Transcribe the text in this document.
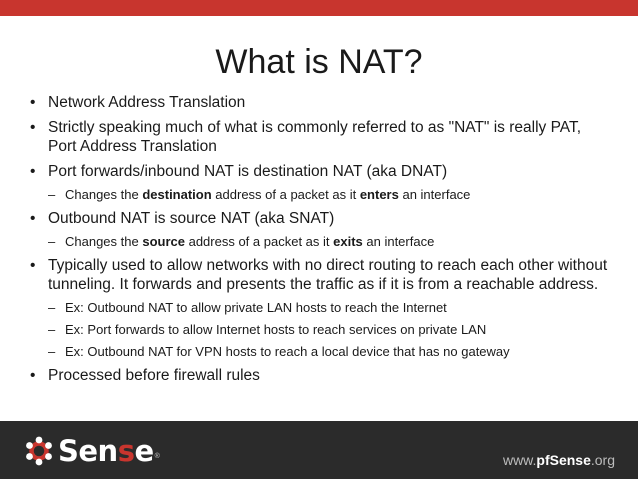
What is NAT?
• Network Address Translation
• Strictly speaking much of what is commonly referred to as "NAT" is really PAT, Port Address Translation
• Port forwards/inbound NAT is destination NAT (aka DNAT)
– Changes the destination address of a packet as it enters an interface
• Outbound NAT is source NAT (aka SNAT)
– Changes the source address of a packet as it exits an interface
• Typically used to allow networks with no direct routing to reach each other without tunneling. It forwards and presents the traffic as if it is from a reachable address.
– Ex: Outbound NAT to allow private LAN hosts to reach the Internet
– Ex: Port forwards to allow Internet hosts to reach services on private LAN
– Ex: Outbound NAT for VPN hosts to reach a local device that has no gateway
• Processed before firewall rules
Sense ®	www.pfSense.org
